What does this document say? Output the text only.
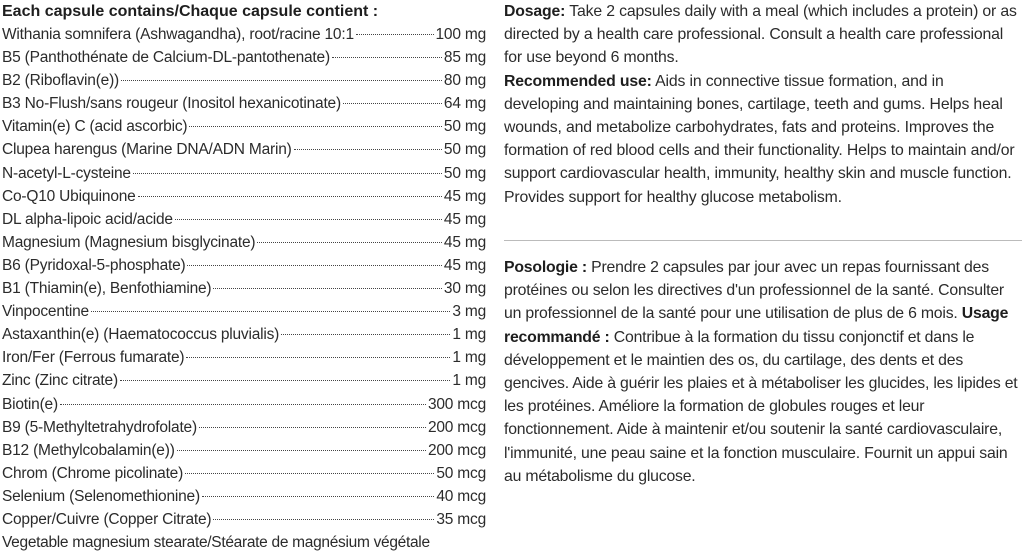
Each capsule contains/Chaque capsule contient :
Withania somnifera (Ashwagandha), root/racine 10:1	100 mg
B5 (Panthothénate de Calcium-DL-pantothenate)	85 mg
B2 (Riboflavin(e))	80 mg
B3 No-Flush/sans rougeur (Inositol hexanicotinate)	64 mg
Vitamin(e) C (acid ascorbic)	50 mg
Clupea harengus (Marine DNA/ADN Marin)	50 mg
N-acetyl-L-cysteine	50 mg
Co-Q10 Ubiquinone	45 mg
DL alpha-lipoic acid/acide	45 mg
Magnesium (Magnesium bisglycinate)	45 mg
B6 (Pyridoxal-5-phosphate)	45 mg
B1 (Thiamin(e), Benfothiamine)	30 mg
Vinpocentine	3 mg
Astaxanthin(e) (Haematococcus pluvialis)	1 mg
Iron/Fer (Ferrous fumarate)	1 mg
Zinc (Zinc citrate)	1 mg
Biotin(e)	300 mcg
B9 (5-Methyltetrahydrofolate)	200 mcg
B12 (Methylcobalamin(e))	200 mcg
Chrom (Chrome picolinate)	50 mcg
Selenium (Selenomethionine)	40 mcg
Copper/Cuivre (Copper Citrate)	35 mcg
Vegetable magnesium stearate/Stéarate de magnésium végétale

Dosage: Take 2 capsules daily with a meal (which includes a protein) or as directed by a health care professional. Consult a health care professional for use beyond 6 months.

Recommended use: Aids in connective tissue formation, and in developing and maintaining bones, cartilage, teeth and gums. Helps heal wounds, and metabolize carbohydrates, fats and proteins. Improves the formation of red blood cells and their functionality. Helps to maintain and/or support cardiovascular health, immunity, healthy skin and muscle function. Provides support for healthy glucose metabolism.

Posologie : Prendre 2 capsules par jour avec un repas fournissant des protéines ou selon les directives d'un professionnel de la santé. Consulter un professionnel de la santé pour une utilisation de plus de 6 mois. Usage recommandé : Contribue à la formation du tissu conjonctif et dans le développement et le maintien des os, du cartilage, des dents et des gencives. Aide à guérir les plaies et à métaboliser les glucides, les lipides et les protéines. Améliore la formation de globules rouges et leur fonctionnement. Aide à maintenir et/ou soutenir la santé cardiovasculaire, l'immunité, une peau saine et la fonction musculaire. Fournit un appui sain au métabolisme du glucose.
